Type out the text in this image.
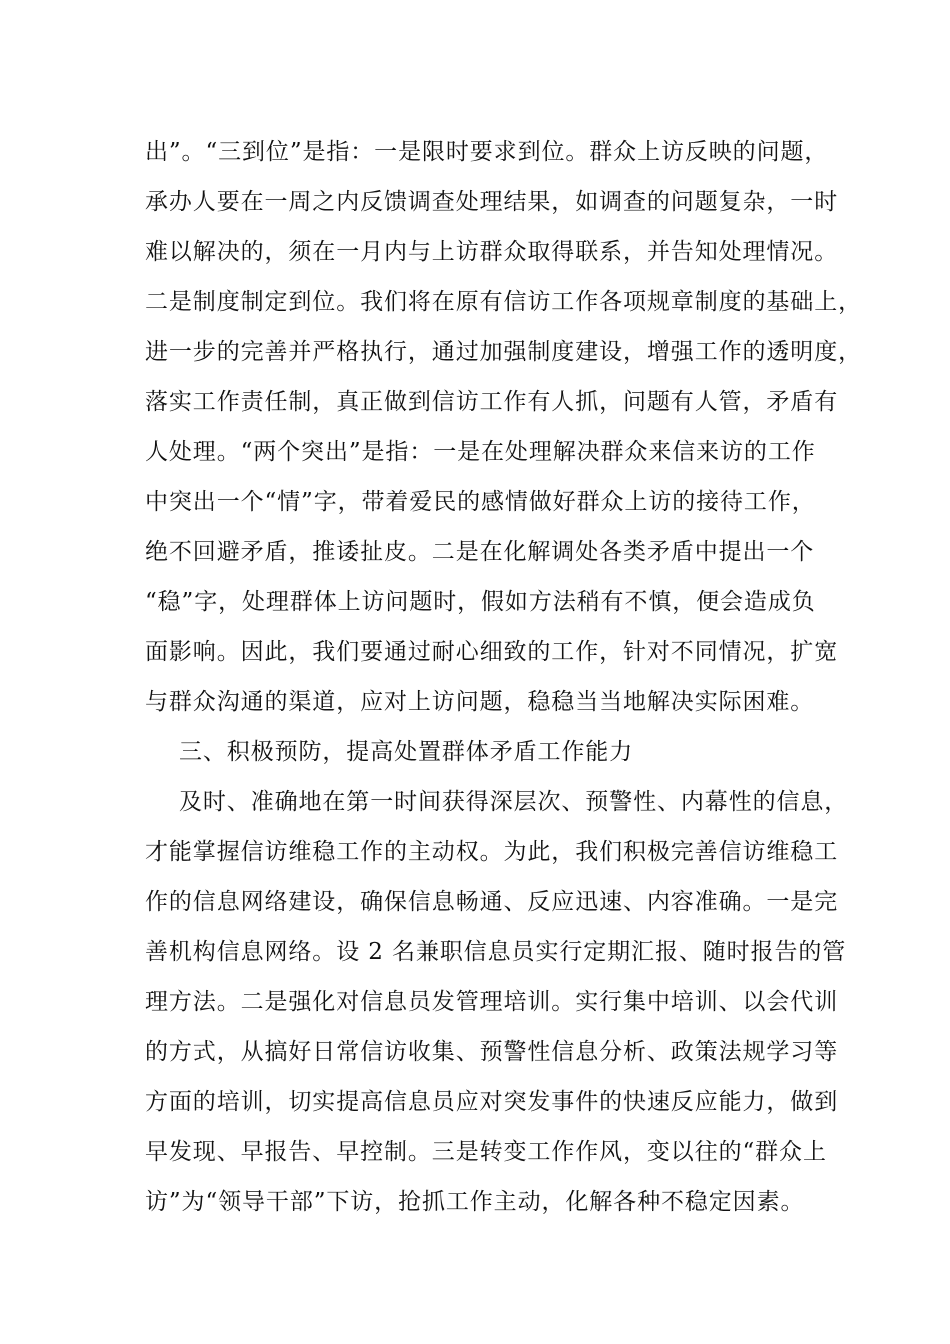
出”。“三到位”是指：一是限时要求到位。群众上访反映的问题，
承办人要在一周之内反馈调查处理结果，如调查的问题复杂，一时
难以解决的，须在一月内与上访群众取得联系，并告知处理情况。
二是制度制定到位。我们将在原有信访工作各项规章制度的基础上，
进一步的完善并严格执行，通过加强制度建设，增强工作的透明度，
落实工作责任制，真正做到信访工作有人抓，问题有人管，矛盾有
人处理。“两个突出”是指：一是在处理解决群众来信来访的工作
中突出一个“情”字，带着爱民的感情做好群众上访的接待工作，
绝不回避矛盾，推诿扯皮。二是在化解调处各类矛盾中提出一个
“稳”字，处理群体上访问题时，假如方法稍有不慎，便会造成负
面影响。因此，我们要通过耐心细致的工作，针对不同情况，扩宽
与群众沟通的渠道，应对上访问题，稳稳当当地解决实际困难。
三、积极预防，提高处置群体矛盾工作能力
及时、准确地在第一时间获得深层次、预警性、内幕性的信息，
才能掌握信访维稳工作的主动权。为此，我们积极完善信访维稳工
作的信息网络建设，确保信息畅通、反应迅速、内容准确。一是完
善机构信息网络。设 2 名兼职信息员实行定期汇报、随时报告的管
理方法。二是强化对信息员发管理培训。实行集中培训、以会代训
的方式，从搞好日常信访收集、预警性信息分析、政策法规学习等
方面的培训，切实提高信息员应对突发事件的快速反应能力，做到
早发现、早报告、早控制。三是转变工作作风，变以往的“群众上
访”为“领导干部”下访，抢抓工作主动，化解各种不稳定因素。
